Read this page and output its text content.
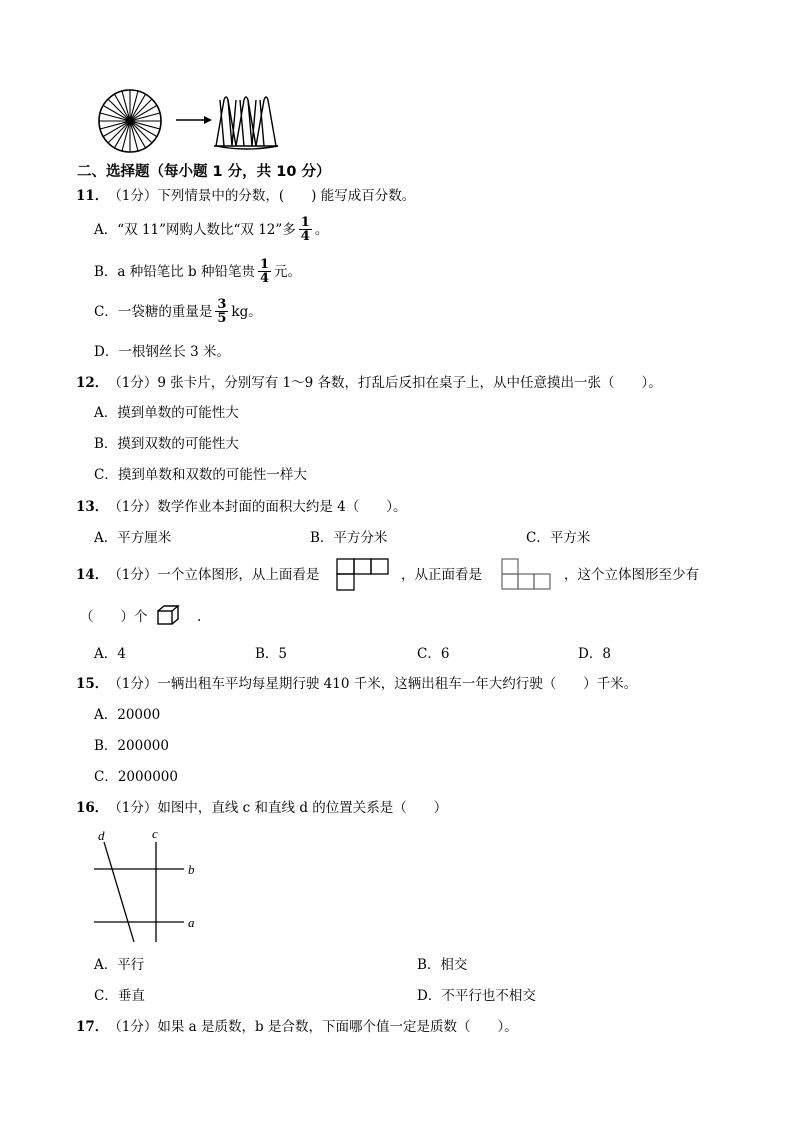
二、选择题（每小题 1 分，共 10 分）
11． （1分） 下列情景中的分数，(　　) 能写成百分数。
A． “双 11”网购人数比“双 12”多 $\frac{1}{4}$ 。
B． a 种铅笔比 b 种铅笔贵 $\frac{1}{4}$ 元。
C． 一袋糖的重量是 $\frac{3}{5}$ kg。
D． 一根钢丝长 3 米。
12． （1分） 9 张卡片，分别写有 1～9 各数，打乱后反扣在桌子上，从中任意摸出一张（　　）。
A． 摸到单数的可能性大
B． 摸到双数的可能性大
C． 摸到单数和双数的可能性一样大
13． （1分） 数学作业本封面的面积大约是 4（　　）。
A． 平方厘米	B． 平方分米	C． 平方米
14． （1分） 一个立体图形，从上面看是	，从正面看是	，这个立体图形至少有
（　　）个	.
A． 4	B． 5	C． 6	D． 8
15． （1分） 一辆出租车平均每星期行驶 410 千米，这辆出租车一年大约行驶（　　）千米。
A． 20000
B． 200000
C． 2000000
16． （1分） 如图中，直线 c 和直线 d 的位置关系是（　　）
d	c
b
a
A． 平行	B． 相交
C． 垂直	D． 不平行也不相交
17． （1分） 如果 a 是质数，b 是合数，下面哪个值一定是质数（　　）。
